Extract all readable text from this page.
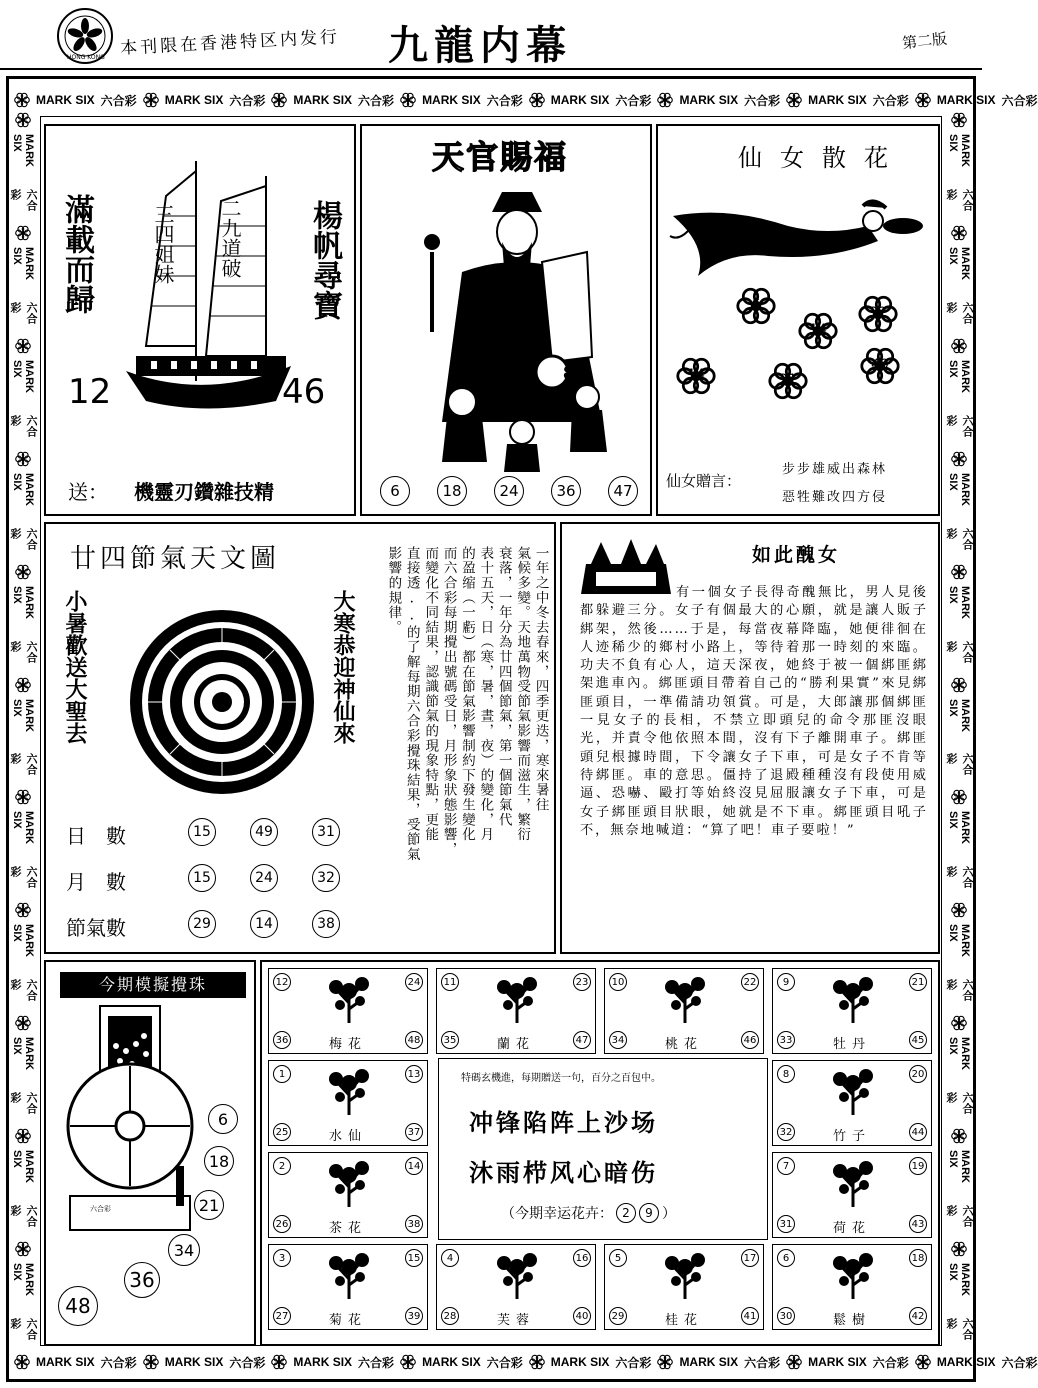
HONG KONG 本刊限在香港特区内发行 九龍内幕	第二版
MARK SIX 六合彩 MARK SIX 六合彩 MARK SIX 六合彩 MARK SIX 六合彩 MARK SIX 六合彩 MARK SIX 六合彩 MARK SIX 六合彩 MARK SIX 六合彩
MARK SIX 六合彩 MARK SIX 六合彩 MARK SIX 六合彩 MARK SIX 六合彩 MARK SIX 六合彩 MARK SIX 六合彩 MARK SIX 六合彩 MARK SIX 六合彩
MARK SIX
六合彩
MARK SIX
六合彩
MARK SIX
六合彩
MARK SIX
六合彩
MARK SIX
六合彩
MARK SIX
六合彩
MARK SIX
六合彩
MARK SIX
六合彩
MARK SIX
六合彩
MARK SIX
六合彩
MARK SIX
六合彩
MARK SIX
六合彩
MARK SIX
六合彩
MARK SIX
六合彩
MARK SIX
六合彩
MARK SIX
六合彩
MARK SIX
六合彩
MARK SIX
六合彩
MARK SIX
六合彩
MARK SIX
六合彩
MARK SIX
六合彩
MARK SIX
六合彩
滿載而歸	楊帆尋寶
三四姐妹 二九道破
12	46
送： 機靈刃鑽雜技精
天官賜福
8
6	18	24	36	47
仙女散花
6
14
32
14	21
49
仙女贈言：
步步雄威出森林
惡牲難改四方侵
廿四節氣天文圖
小暑歡送大聖去	大寒恭迎神仙來
日　數	15	49	31
月　數	15	24	32
節氣數	29	14	38
一年之中冬去春來，四季更迭，寒來暑往
氣候多變。天地萬物受節氣影響而滋生，繁衍
衰落，一年分為廿四個節氣，第一個節氣代
表十五天，日（寒，暑，晝，夜）的變化，月
的盈缩（一虧）都在節氣影響制約下發生變化
而六合彩每期攪出號碼受日，月形象狀態影響，
而變化不同結果，認識節氣的現象特點，更能
直接透..的了解每期六合彩攪珠結果，受節氣
影響的規律。	如此醜女
有一個女子長得奇醜無比，男人見後都躲避三分。女子有個最大的心願，就是讓人販子綁架，然後……于是，每當夜幕降臨，她便徘徊在人迹稀少的鄉村小路上，等待着那一時刻的來臨。功夫不負有心人，這天深夜，她終于被一個綁匪綁架進車內。綁匪頭目帶着自己的“勝利果實”來見綁匪頭目，一準備請功領賞。可是，大郎讓那個綁匪一見女子的長相，不禁立即頭兒的命令那匪沒眼光，并責令他依照本間，沒有下子離開車子。綁匪頭兒根據時間，下令讓女子下車，可是女子不肯等待綁匪。車的意思。僵持了退殿種種沒有段使用威逼、恐嚇、毆打等始終沒見屈服讓女子下車，可是女子綁匪頭目狀眼，她就是不下車。綁匪頭目吼子不，無奈地喊道：“算了吧！車子要啦！”
今期模擬攪珠
六合彩
6
18
21
34
36
48
12	24
36	48
梅花
11	23
35	47
蘭花
10	22
34	46
桃花
9	21
33	45
牡丹
1	13
25	37
水仙
8	20
32	44
竹子
2	14
26	38
茶花
7	19
31	43
荷花
3	15
27	39
菊花
4	16
28	40
芙蓉
5	17
29	41
桂花
6	18
30	42
鬆樹
特碼玄機進，每期贈送一句，百分之百包中。
冲锋陷阵上沙场
沐雨栉风心暗伤
（今期幸运花卉： 2	9 ）
